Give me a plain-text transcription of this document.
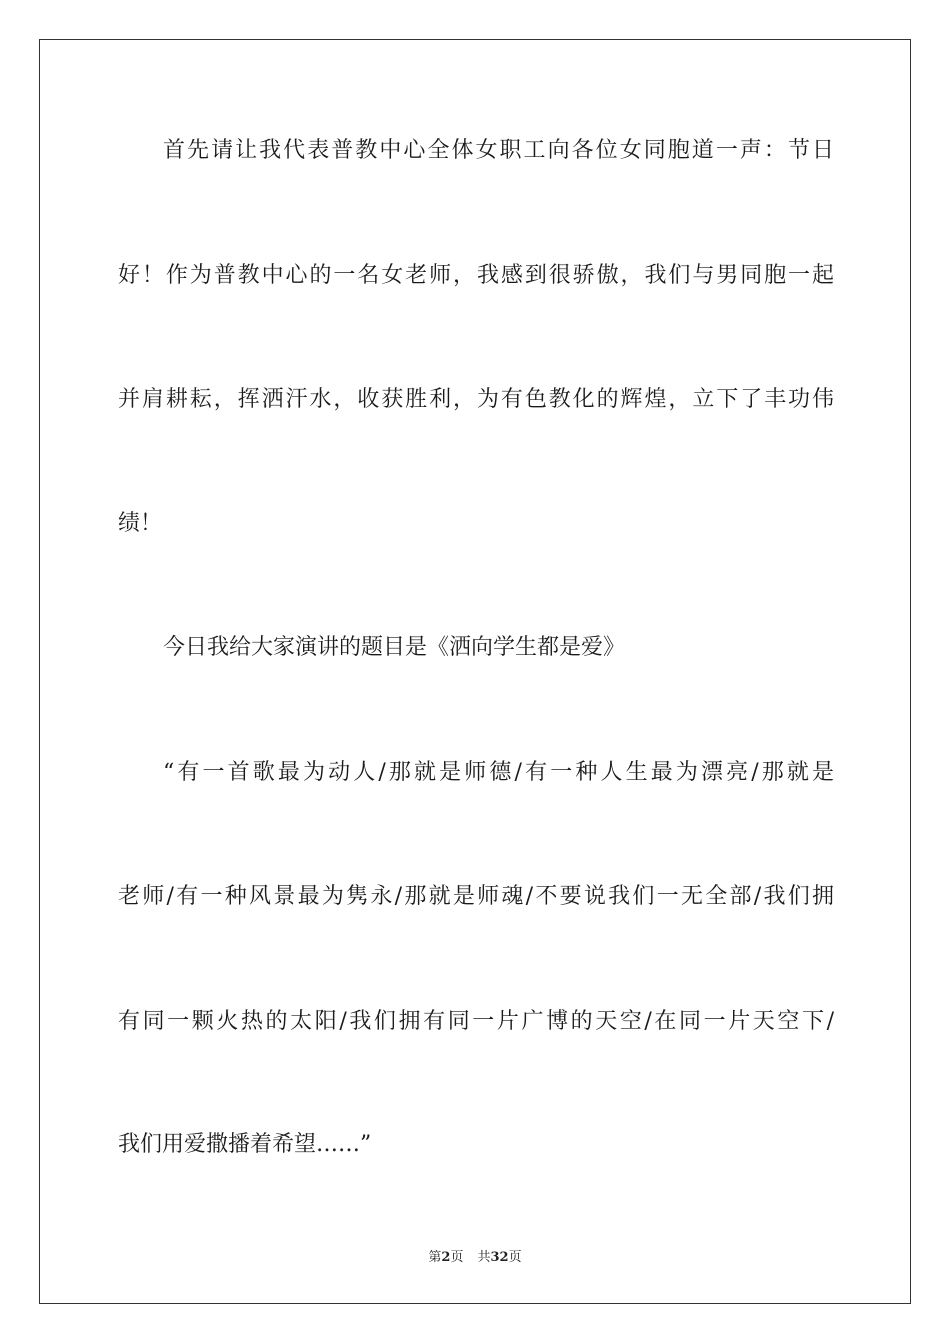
首先请让我代表普教中心全体女职工向各位女同胞道一声：节日
好！作为普教中心的一名女老师，我感到很骄傲，我们与男同胞一起
并肩耕耘，挥洒汗水，收获胜利，为有色教化的辉煌，立下了丰功伟
绩！
今日我给大家演讲的题目是《洒向学生都是爱》
“有一首歌最为动人/那就是师德/有一种人生最为漂亮/那就是
老师/有一种风景最为隽永/那就是师魂/不要说我们一无全部/我们拥
有同一颗火热的太阳/我们拥有同一片广博的天空/在同一片天空下/
我们用爱撒播着希望……”
第2页 共32页
